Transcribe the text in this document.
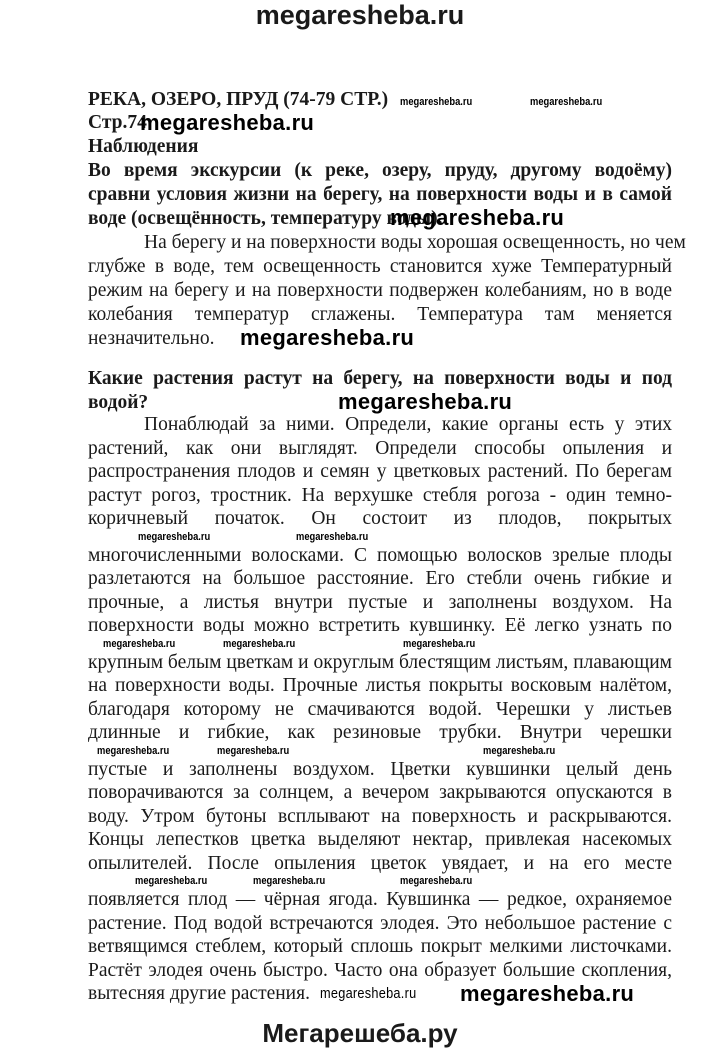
megaresheba.ru
РЕКА, ОЗЕРО, ПРУД (74-79 СТР.)
Стр.74
Наблюдения
Во время экскурсии (к реке, озеру, пруду, другому водоёму)
сравни условия жизни на берегу, на поверхности воды и в самой
воде (освещённость, температуру воды).
На берегу и на поверхности воды хорошая освещенность, но чем
глубже в воде, тем освещенность становится хуже Температурный
режим на берегу и на поверхности подвержен колебаниям, но в воде
колебания температур сглажены. Температура там меняется
незначительно.
Какие растения растут на берегу, на поверхности воды и под
водой?
Понаблюдай за ними. Определи, какие органы есть у этих
растений, как они выглядят. Определи способы опыления и
распространения плодов и семян у цветковых растений. По берегам
растут рогоз, тростник. На верхушке стебля рогоза - один темно-
коричневый початок. Он состоит из плодов, покрытых
megaresheba.ru	megaresheba.ru
многочисленными волосками. С помощью волосков зрелые плоды
разлетаются на большое расстояние. Его стебли очень гибкие и
прочные, а листья внутри пустые и заполнены воздухом. На
поверхности воды можно встретить кувшинку. Её легко узнать по
megaresheba.ru	megaresheba.ru	megaresheba.ru
крупным белым цветкам и округлым блестящим листьям, плавающим
на поверхности воды. Прочные листья покрыты восковым налётом,
благодаря которому не смачиваются водой. Черешки у листьев
длинные и гибкие, как резиновые трубки. Внутри черешки
megaresheba.ru	megaresheba.ru	megaresheba.ru
пустые и заполнены воздухом. Цветки кувшинки целый день
поворачиваются за солнцем, а вечером закрываются опускаются в
воду. Утром бутоны всплывают на поверхность и раскрываются.
Концы лепестков цветка выделяют нектар, привлекая насекомых
опылителей. После опыления цветок увядает, и на его месте
megaresheba.ru	megaresheba.ru	megaresheba.ru
появляется плод — чёрная ягода. Кувшинка — редкое, охраняемое
растение. Под водой встречаются элодея. Это небольшое растение с
ветвящимся стеблем, который сплошь покрыт мелкими листочками.
Растёт элодея очень быстро. Часто она образует большие скопления,
вытесняя другие растения.
megaresheba.ru	megaresheba.ru
megaresheba.ru
megaresheba.ru
megaresheba.ru
megaresheba.ru
megaresheba.ru megaresheba.ru
Мегарешеба.ру
